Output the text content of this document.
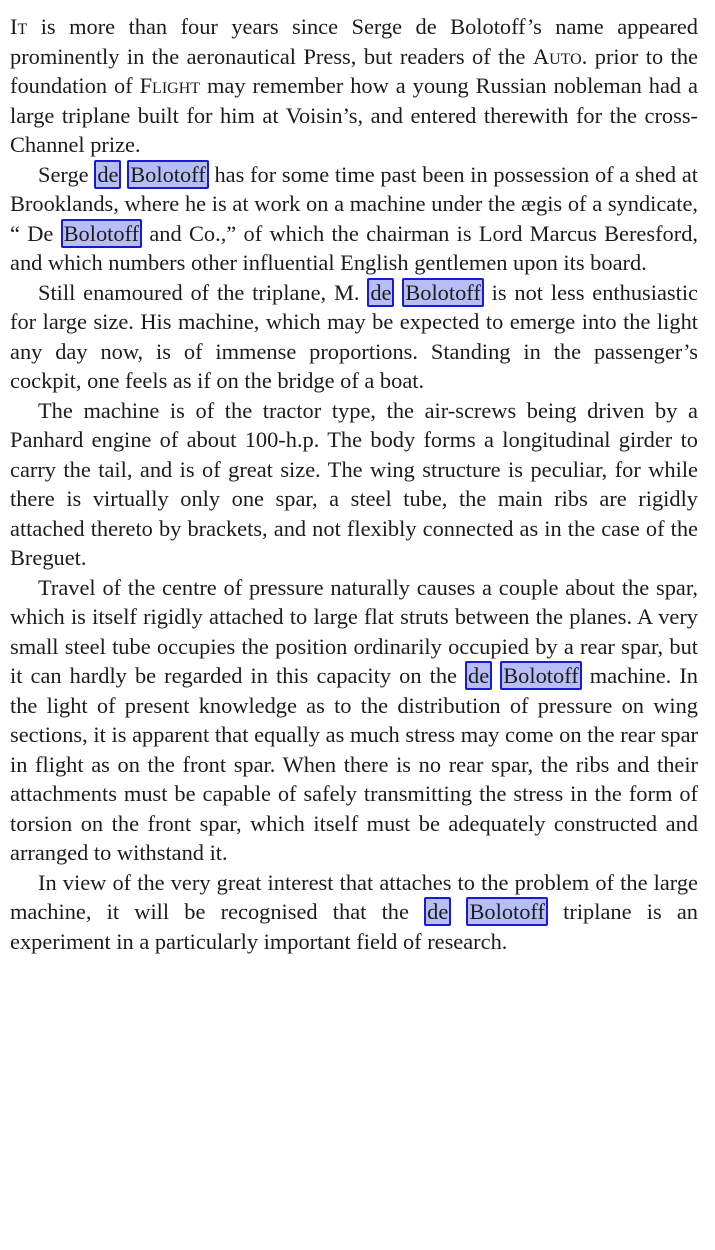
It is more than four years since Serge de Bolotoff’s name appeared prominently in the aeronautical Press, but readers of the Auto. prior to the foundation of Flight may remember how a young Russian nobleman had a large triplane built for him at Voisin’s, and entered therewith for the cross-Channel prize.

Serge de Bolotoff has for some time past been in possession of a shed at Brooklands, where he is at work on a machine under the ægis of a syndicate, “ De Bolotoff and Co.,” of which the chairman is Lord Marcus Beresford, and which numbers other influential English gentlemen upon its board.

Still enamoured of the triplane, M. de Bolotoff is not less enthusiastic for large size. His machine, which may be expected to emerge into the light any day now, is of immense proportions. Standing in the passenger’s cockpit, one feels as if on the bridge of a boat.

The machine is of the tractor type, the air-screws being driven by a Panhard engine of about 100-h.p. The body forms a longitudinal girder to carry the tail, and is of great size. The wing structure is peculiar, for while there is virtually only one spar, a steel tube, the main ribs are rigidly attached thereto by brackets, and not flexibly connected as in the case of the Breguet.

Travel of the centre of pressure naturally causes a couple about the spar, which is itself rigidly attached to large flat struts between the planes. A very small steel tube occupies the position ordinarily occupied by a rear spar, but it can hardly be regarded in this capacity on the de Bolotoff machine. In the light of present knowledge as to the distribution of pressure on wing sections, it is apparent that equally as much stress may come on the rear spar in flight as on the front spar. When there is no rear spar, the ribs and their attachments must be capable of safely transmitting the stress in the form of torsion on the front spar, which itself must be adequately constructed and arranged to withstand it.

In view of the very great interest that attaches to the problem of the large machine, it will be recognised that the de Bolotoff triplane is an experiment in a particularly important field of research.
